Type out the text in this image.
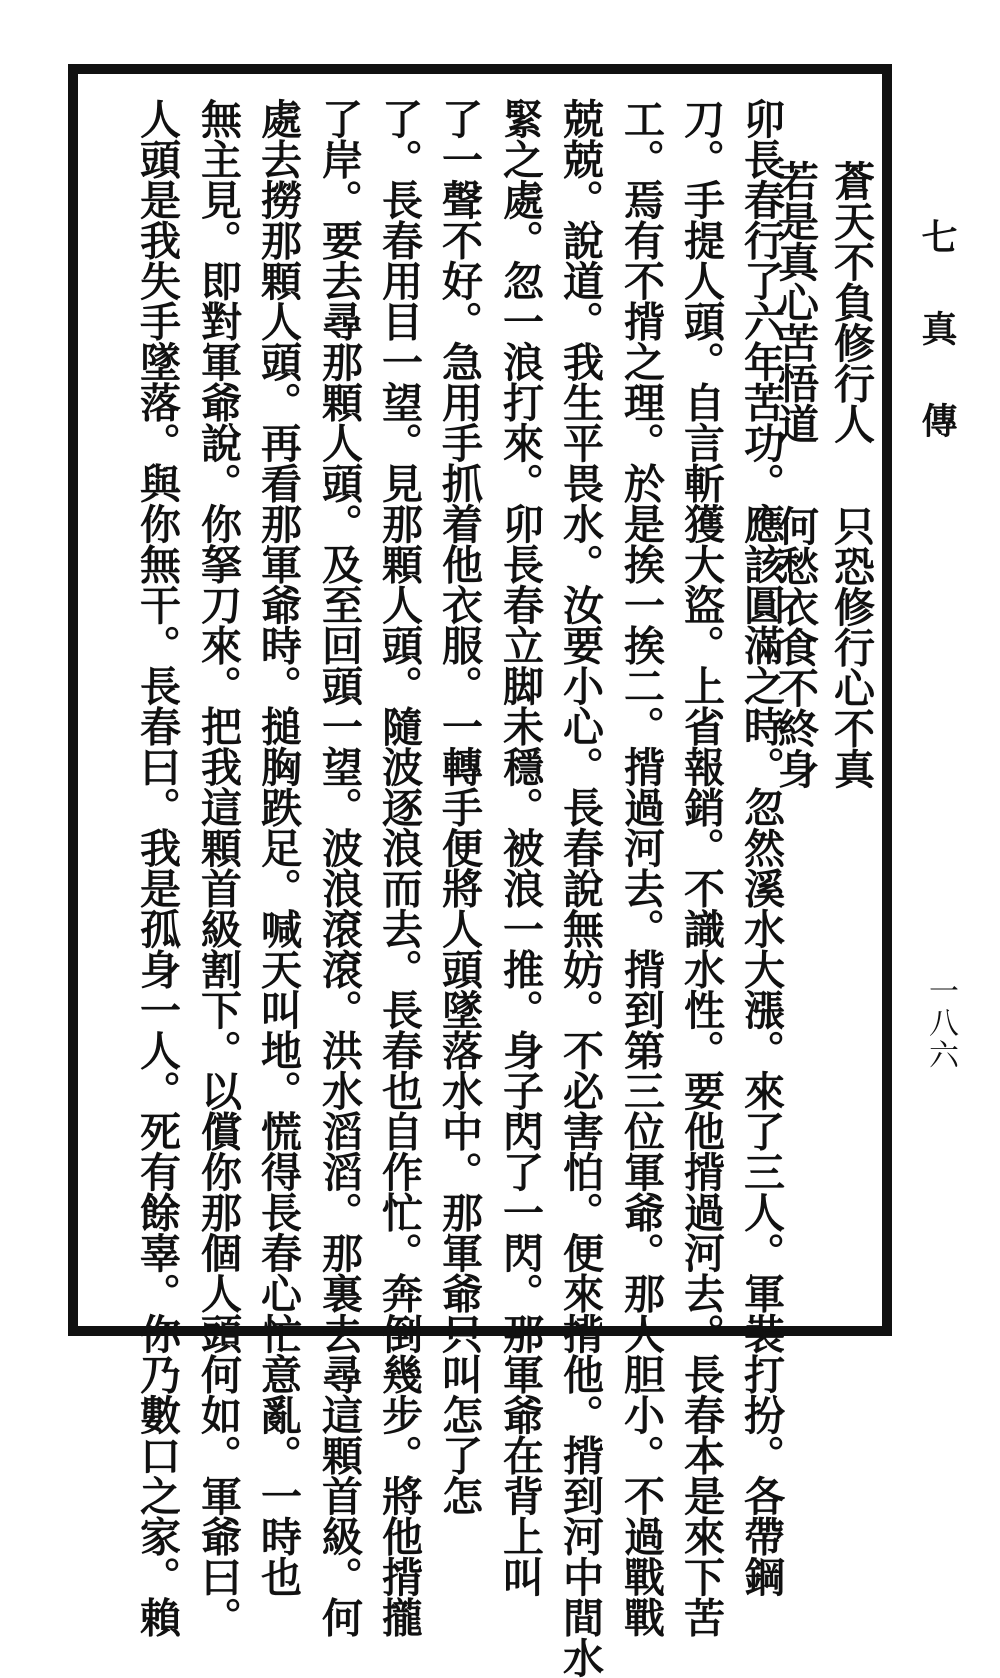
卯長春行了六年苦功。應該圓滿之時。忽然溪水大漲。來了三人。軍裝打扮。各帶鋼
刀。手提人頭。自言斬獲大盜。上省報銷。不識水性。要他揹過河去。長春本是來下苦
工。焉有不揹之理。於是挨一挨二。揹過河去。揹到第三位軍爺。那人胆小。不過戰戰
兢兢。說道。我生平畏水。汝要小心。長春說無妨。不必害怕。便來揹他。揹到河中間水
緊之處。忽一浪打來。卯長春立脚未穩。被浪一推。身子閃了一閃。那軍爺在背上叫
了一聲不好。急用手抓着他衣服。一轉手便將人頭墜落水中。那軍爺只叫怎了怎
了。長春用目一望。見那顆人頭。隨波逐浪而去。長春也自作忙。奔倒幾步。將他揹攏
了岸。要去尋那顆人頭。及至回頭一望。波浪滾滾。洪水滔滔。那裏去尋這顆首級。何
處去撈那顆人頭。再看那軍爺時。搥胸跌足。喊天叫地。慌得長春心忙意亂。一時也
無主見。即對軍爺說。你拏刀來。把我這顆首級割下。以償你那個人頭何如。軍爺曰。
人頭是我失手墜落。與你無干。長春曰。我是孤身一人。死有餘辜。你乃數口之家。賴	蒼天不負修行人
若是真心苦悟道
只恐修行心不真
何愁衣食不終身
七真傳
一八六
